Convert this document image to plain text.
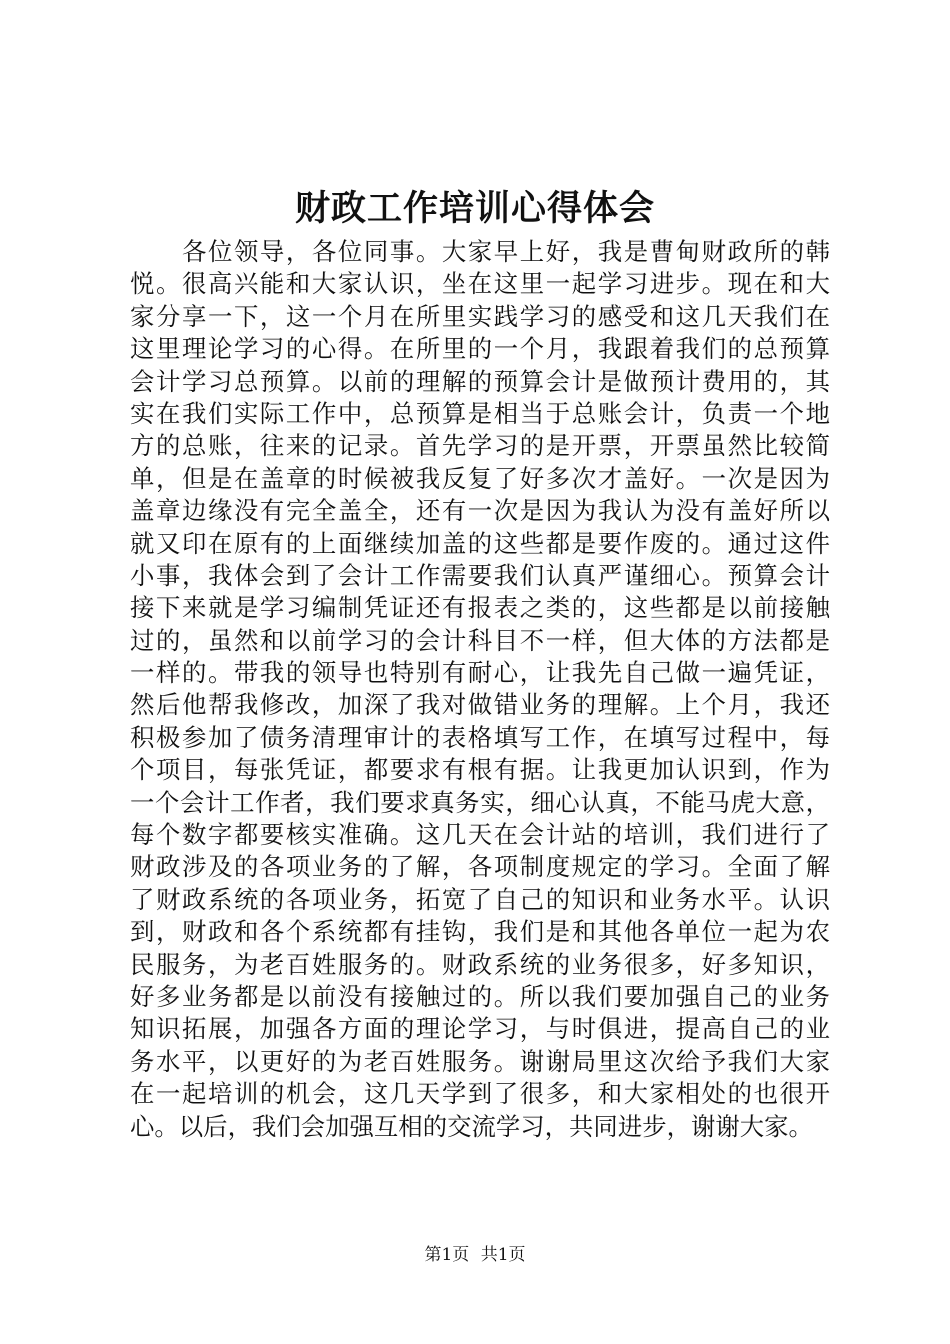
财政工作培训心得体会
　　各位领导，各位同事。大家早上好，我是曹甸财政所的韩
悦。很高兴能和大家认识，坐在这里一起学习进步。现在和大
家分享一下，这一个月在所里实践学习的感受和这几天我们在
这里理论学习的心得。在所里的一个月，我跟着我们的总预算
会计学习总预算。以前的理解的预算会计是做预计费用的，其
实在我们实际工作中，总预算是相当于总账会计，负责一个地
方的总账，往来的记录。首先学习的是开票，开票虽然比较简
单，但是在盖章的时候被我反复了好多次才盖好。一次是因为
盖章边缘没有完全盖全，还有一次是因为我认为没有盖好所以
就又印在原有的上面继续加盖的这些都是要作废的。通过这件
小事，我体会到了会计工作需要我们认真严谨细心。预算会计
接下来就是学习编制凭证还有报表之类的，这些都是以前接触
过的，虽然和以前学习的会计科目不一样，但大体的方法都是
一样的。带我的领导也特别有耐心，让我先自己做一遍凭证，
然后他帮我修改，加深了我对做错业务的理解。上个月，我还
积极参加了债务清理审计的表格填写工作，在填写过程中，每
个项目，每张凭证，都要求有根有据。让我更加认识到，作为
一个会计工作者，我们要求真务实，细心认真，不能马虎大意，
每个数字都要核实准确。这几天在会计站的培训，我们进行了
财政涉及的各项业务的了解，各项制度规定的学习。全面了解
了财政系统的各项业务，拓宽了自己的知识和业务水平。认识
到，财政和各个系统都有挂钩，我们是和其他各单位一起为农
民服务，为老百姓服务的。财政系统的业务很多，好多知识，
好多业务都是以前没有接触过的。所以我们要加强自己的业务
知识拓展，加强各方面的理论学习，与时俱进，提高自己的业
务水平，以更好的为老百姓服务。谢谢局里这次给予我们大家
在一起培训的机会，这几天学到了很多，和大家相处的也很开
心。以后，我们会加强互相的交流学习，共同进步，谢谢大家。
第1页 共1页
